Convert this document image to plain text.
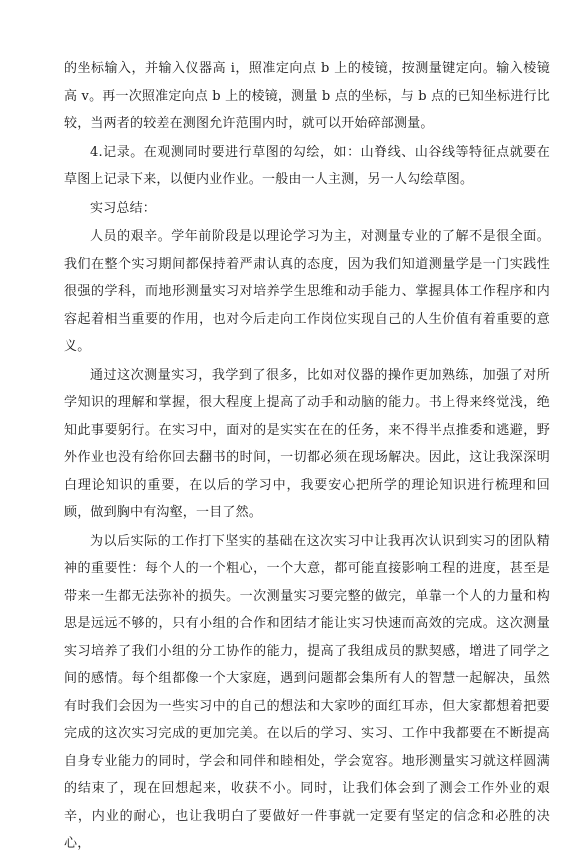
的坐标输入，并输入仪器高 i，照准定向点 b 上的棱镜，按测量键定向。输入棱镜高 v。再一次照准定向点 b 上的棱镜，测量 b 点的坐标，与 b 点的已知坐标进行比较，当两者的较差在测图允许范围内时，就可以开始碎部测量。

4.记录。在观测同时要进行草图的勾绘，如：山脊线、山谷线等特征点就要在草图上记录下来，以便内业作业。一般由一人主测，另一人勾绘草图。

实习总结：

人员的艰辛。学年前阶段是以理论学习为主，对测量专业的了解不是很全面。我们在整个实习期间都保持着严肃认真的态度，因为我们知道测量学是一门实践性很强的学科，而地形测量实习对培养学生思维和动手能力、掌握具体工作程序和内容起着相当重要的作用，也对今后走向工作岗位实现自己的人生价值有着重要的意义。

通过这次测量实习，我学到了很多，比如对仪器的操作更加熟练，加强了对所学知识的理解和掌握，很大程度上提高了动手和动脑的能力。书上得来终觉浅，绝知此事要躬行。在实习中，面对的是实实在在的任务，来不得半点推委和逃避，野外作业也没有给你回去翻书的时间，一切都必须在现场解决。因此，这让我深深明白理论知识的重要，在以后的学习中，我要安心把所学的理论知识进行梳理和回顾，做到胸中有沟壑，一目了然。

为以后实际的工作打下坚实的基础在这次实习中让我再次认识到实习的团队精神的重要性：每个人的一个粗心，一个大意，都可能直接影响工程的进度，甚至是带来一生都无法弥补的损失。一次测量实习要完整的做完，单靠一个人的力量和构思是远远不够的，只有小组的合作和团结才能让实习快速而高效的完成。这次测量实习培养了我们小组的分工协作的能力，提高了我组成员的默契感，增进了同学之间的感情。每个组都像一个大家庭，遇到问题都会集所有人的智慧一起解决，虽然有时我们会因为一些实习中的自己的想法和大家吵的面红耳赤，但大家都想着把要完成的这次实习完成的更加完美。在以后的学习、实习、工作中我都要在不断提高自身专业能力的同时，学会和同伴和睦相处，学会宽容。地形测量实习就这样圆满的结束了，现在回想起来，收获不小。同时，让我们体会到了测会工作外业的艰辛，内业的耐心，也让我明白了要做好一件事就一定要有坚定的信念和必胜的决心，
